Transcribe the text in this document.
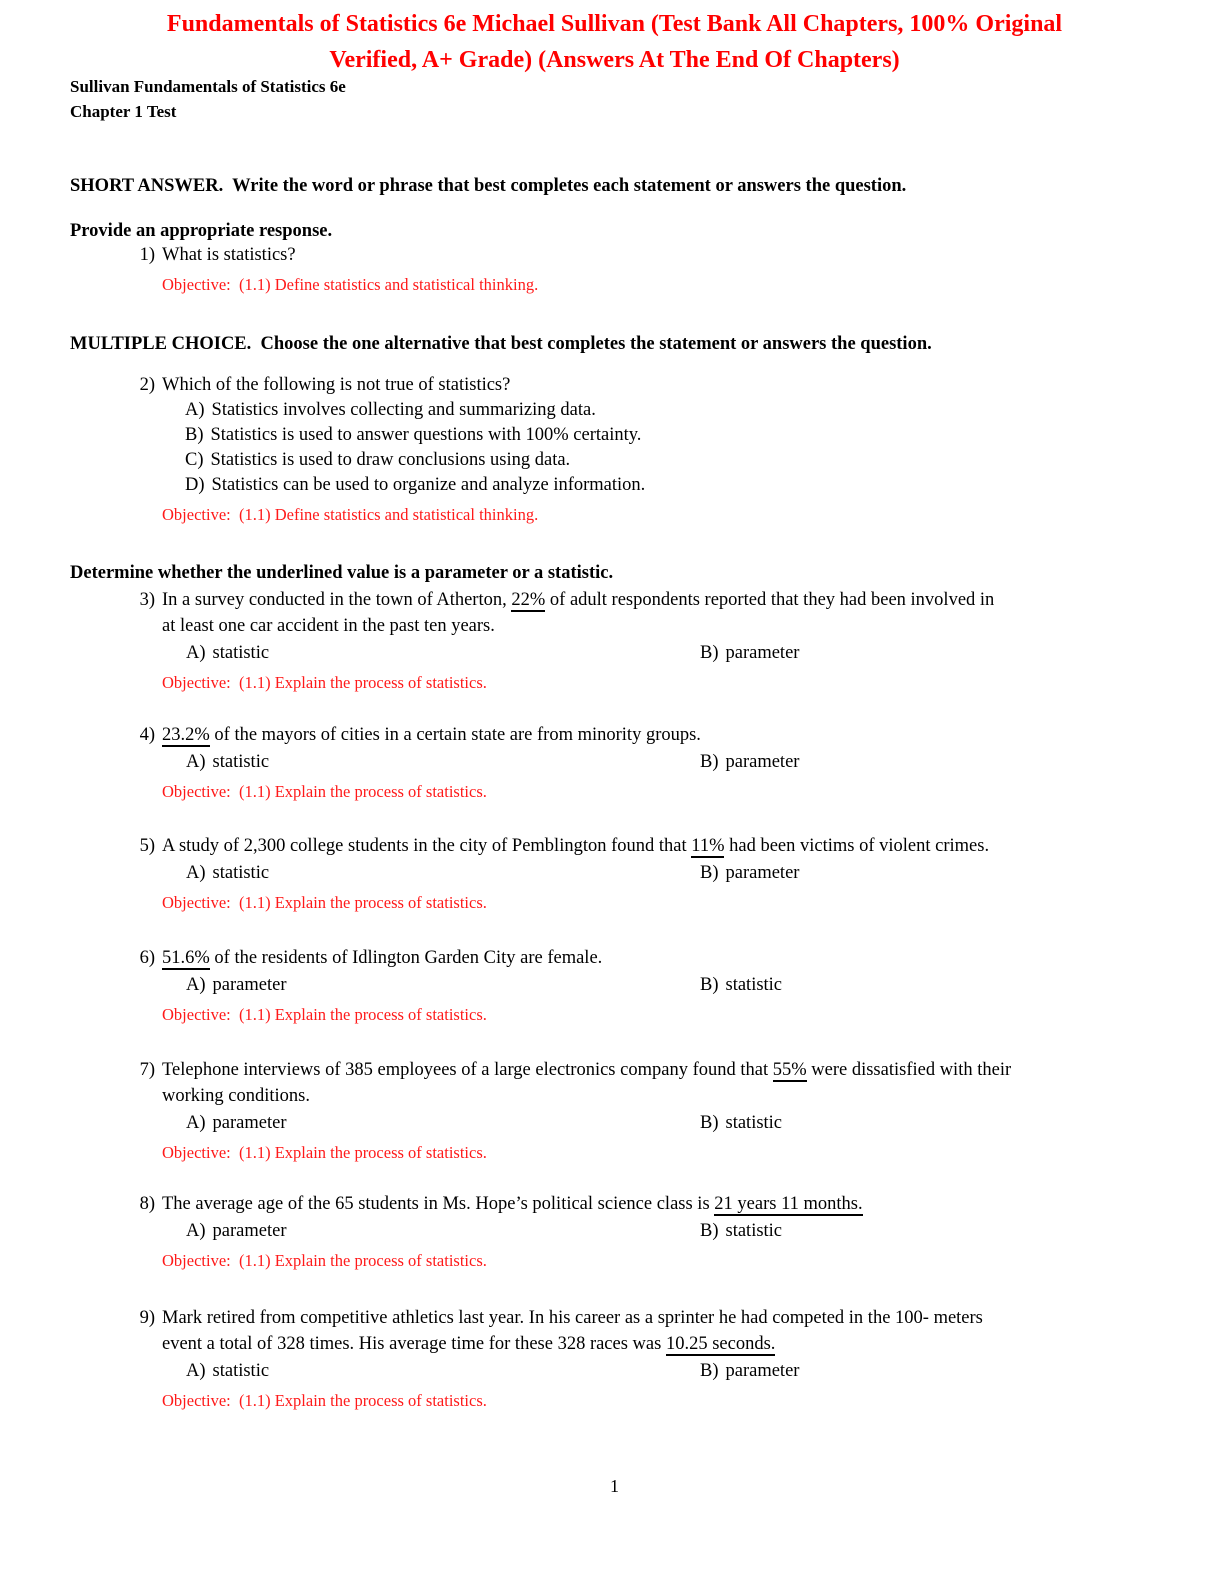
Fundamentals of Statistics 6e Michael Sullivan (Test Bank All Chapters, 100% Original
Verified, A+ Grade) (Answers At The End Of Chapters)
Sullivan Fundamentals of Statistics 6e
Chapter 1 Test
SHORT ANSWER.  Write the word or phrase that best completes each statement or answers the question.
Provide an appropriate response.
1) What is statistics?
Objective:  (1.1) Define statistics and statistical thinking.
MULTIPLE CHOICE.  Choose the one alternative that best completes the statement or answers the question.
2) Which of the following is not true of statistics?
A) Statistics involves collecting and summarizing data.
B) Statistics is used to answer questions with 100% certainty.
C) Statistics is used to draw conclusions using data.
D) Statistics can be used to organize and analyze information.
Objective:  (1.1) Define statistics and statistical thinking.
Determine whether the underlined value is a parameter or a statistic.
3) In a survey conducted in the town of Atherton, 22% of adult respondents reported that they had been involved in
at least one car accident in the past ten years.
A) statistic	B) parameter
Objective:  (1.1) Explain the process of statistics.
4) 23.2% of the mayors of cities in a certain state are from minority groups.
A) statistic	B) parameter
Objective:  (1.1) Explain the process of statistics.
5) A study of 2,300 college students in the city of Pemblington found that 11% had been victims of violent crimes.
A) statistic	B) parameter
Objective:  (1.1) Explain the process of statistics.
6) 51.6% of the residents of Idlington Garden City are female.
A) parameter	B) statistic
Objective:  (1.1) Explain the process of statistics.
7) Telephone interviews of 385 employees of a large electronics company found that 55% were dissatisfied with their
working conditions.
A) parameter	B) statistic
Objective:  (1.1) Explain the process of statistics.
8) The average age of the 65 students in Ms. Hope’s political science class is 21 years 11 months.
A) parameter	B) statistic
Objective:  (1.1) Explain the process of statistics.
9) Mark retired from competitive athletics last year. In his career as a sprinter he had competed in the 100- meters
event a total of 328 times. His average time for these 328 races was 10.25 seconds.
A) statistic	B) parameter
Objective:  (1.1) Explain the process of statistics.
1
